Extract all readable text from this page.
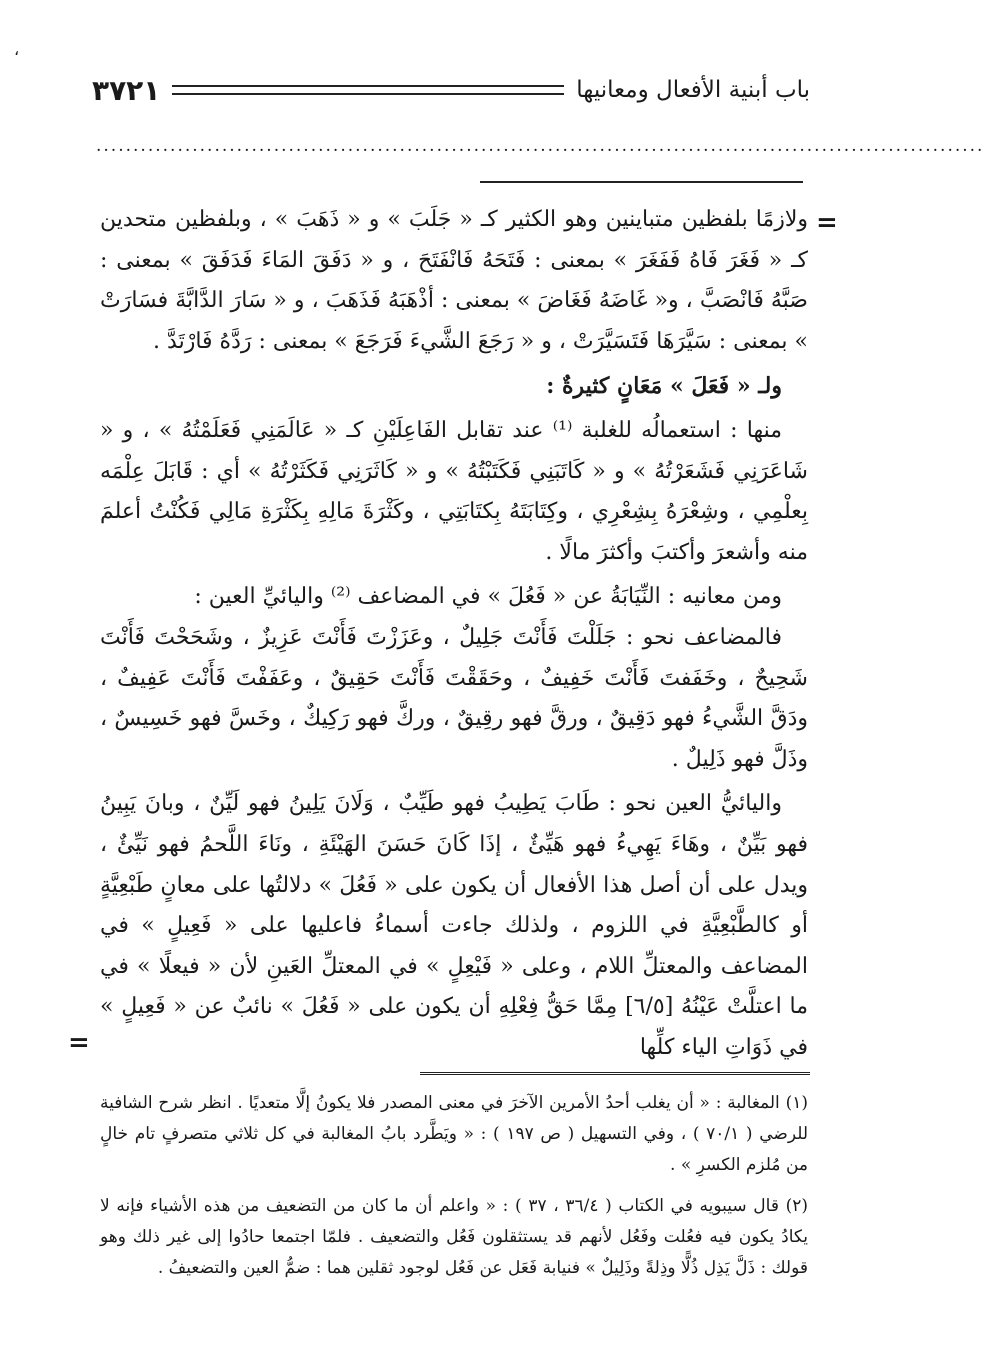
،
باب أبنية الأفعال ومعانيها
٣٧٢١
........................................................................................................................
=

ولازمًا بلفظين متباينين وهو الكثير كـ « جَلَبَ » و « ذَهَبَ » ، وبلفظين متحدين كـ « فَغَرَ فَاهُ فَفَغَرَ » بمعنى : فَتَحَهُ فَانْفَتَحَ ، و « دَفَقَ المَاءَ فَدَفَقَ » بمعنى : صَبَّهُ فَانْصَبَّ ، و« غَاضَهُ فَغَاضَ » بمعنى : أذْهَبَهُ فَذَهَبَ ، و « سَارَ الدَّابَّةَ فسَارَتْ » بمعنى : سَيَّرَهَا فَتَسَيَّرَتْ ، و « رَجَعَ الشَّيءَ فَرَجَعَ » بمعنى : رَدَّهُ فَارْتَدَّ .

ولـ « فَعَلَ » مَعَانٍ كثيرةٌ :

منها : استعمالُه للغلبة ⁽¹⁾ عند تقابل الفَاعِلَيْنِ كـ « عَالَمَنِي فَعَلَمْتُهُ » ، و « شَاعَرَنِي فَشَعَرْتُهُ » و « كَاتَبَنِي فَكَتَبْتُهُ » و « كَاثَرَنِي فَكَثَرْتُهُ » أي : قَابَلَ عِلْمَه بِعلْمِي ، وشِعْرَهُ بِشِعْرِي ، وكِتَابَتَهُ بِكتَابَتِي ، وكَثْرَةَ مَالِهِ بِكَثْرَةِ مَالِي فَكُنْتُ أعلمَ منه وأشعرَ وأكتبَ وأكثرَ مالًا .

ومن معانيه : النِّيَابَةُ عن « فَعُلَ » في المضاعف ⁽²⁾ واليائيِّ العين :

فالمضاعف نحو : جَلَلْتَ فَأَنْتَ جَلِيلٌ ، وعَزَزْتَ فَأَنْتَ عَزِيزٌ ، وشَحَحْتَ فَأَنْتَ شَحِيحٌ ، وخَفَفتَ فَأَنْتَ خَفِيفٌ ، وحَقَقْتَ فَأَنْتَ حَقِيقٌ ، وعَفَفْتَ فَأَنْتَ عَفِيفٌ ، ودَقَّ الشَّيءُ فهو دَقِيقٌ ، ورقَّ فهو رقِيقٌ ، وركَّ فهو رَكِيكٌ ، وخَسَّ فهو خَسِيسٌ ، وذَلَّ فهو ذَلِيلٌ .

واليائيُّ العين نحو : طَابَ يَطِيبُ فهو طَيِّبٌ ، وَلَانَ يَلِينُ فهو لَيِّنٌ ، وبانَ يَبِينُ فهو بَيِّنٌ ، وهَاءَ يَهِيءُ فهو هَيِّئٌ ، إذَا كَانَ حَسَنَ الهَيْئَةِ ، ونَاءَ اللَّحمُ فهو نَيِّئٌ ، ويدل على أن أصل هذا الأفعال أن يكون على « فَعُلَ » دلالتُها على معانٍ طَبْعِيَّةٍ أو كالطَّبْعِيَّةِ في اللزوم ، ولذلك جاءت أسماءُ فاعليها على « فَعِيلٍ » في المضاعف والمعتلِّ اللام ، وعلى « فَيْعِلٍ » في المعتلِّ العَينِ لأن « فيعلًا » في ما اعتلَّتْ عَيْنُهُ [٦/٥] مِمَّا حَقُّ فِعْلِهِ أن يكون على « فَعُلَ » نائبٌ عن « فَعِيلٍ » في ذَوَاتِ الياء كلِّها

=

(١) المغالبة : « أن يغلب أحدُ الأمرين الآخرَ في معنى المصدر فلا يكونُ إلَّا متعديًا . انظر شرح الشافية للرضي ( ٧٠/١ ) ، وفي التسهيل ( ص ١٩٧ ) : « ويَطَّرد بابُ المغالبة في كل ثلاثي متصرفٍ تام خالٍ من مُلزم الكسرِ » .

(٢) قال سيبويه في الكتاب ( ٣٦/٤ ، ٣٧ ) : « واعلم أن ما كان من التضعيف من هذه الأشياء فإنه لا يكادُ يكون فيه فعُلت وفَعُل لأنهم قد يستثقلون فَعُل والتضعيف . فلمّا اجتمعا حادُوا إلى غير ذلك وهو قولك : ذَلَّ يَذِل ذُلًّا وذِلةً وذَلِيلٌ » فنيابة فَعَل عن فَعُل لوجود ثقلين هما : ضمُّ العين والتضعيفُ .
